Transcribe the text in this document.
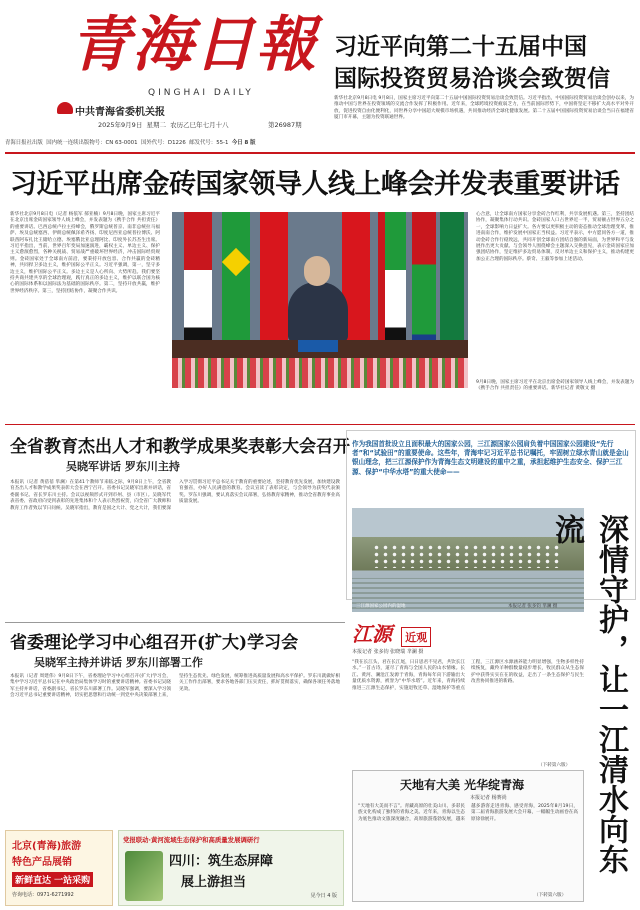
青海日報
QINGHAI DAILY
中共青海省委机关报
2025年9月9日 星期二 农历乙巳年七月十八	第26987期
青海日报社出版 国内统一连续出版物号：CN 63-0001 国外代号：D1226 邮发代号：55-1 今日 8 版
习近平向第二十五届中国
国际投资贸易洽谈会致贺信
新华社北京9月8日电 9月8日，国家主席习近平向第二十五届中国国际投资贸易洽谈会致贺信。习近平指出，中国国际投资贸易洽谈会创办以来，为推动中国与世界在投资领域的交流合作发挥了积极作用。近年来，全球跨境投资疲弱乏力，在当前国际形势下，中国将坚定不移扩大高水平对外开放，促进投资自由化便利化，同世界分享中国超大规模市场机遇，共同推动经济全球化健康发展。第二十五届中国国际投资贸易洽谈会当日在福建省厦门市开幕，主题为投资联通世界。
习近平出席金砖国家领导人线上峰会并发表重要讲话
新华社北京9月8日电（记者 杨依军 郝亚楠）9月8日晚，国家主席习近平在北京出席金砖国家领导人线上峰会，并发表题为《携手合作 共担责任》的重要讲话。巴西总统卢拉主持峰会，俄罗斯总统普京、南非总统拉马福萨、埃及总统塞西、伊朗总统佩泽希齐扬、印度尼西亚总统普拉博沃、阿联酋阿布扎比王储哈立德、埃塞俄比亚总理阿比、印度外长苏杰生出席。习近平指出，当前，世界百年变局加速演进，霸权主义、单边主义、保护主义愈演愈烈，各种关税战、贸易战严重破坏世界经济，冲击国际经贸规则。金砖国家处于全球南方前沿，要秉持开放包容、合作共赢的金砖精神，共同捍卫多边主义，维护国际公平正义。习近平强调，第一，坚守多边主义，维护国际公平正义。多边主义是人心所向、大势所趋。我们要坚持共商共建共享的全球治理观，践行真正的多边主义，维护以联合国为核心的国际体系和以国际法为基础的国际秩序。第二，坚持开放共赢，维护世界经济秩序。第三，坚持团结协作，凝聚合作共识。
9月8日晚，国家主席习近平在北京出席金砖国家领导人线上峰会，并发表题为《携手合作 共担责任》的重要讲话。新华社记者 黄敬文 摄
心合意，让全球南方国家分享金砖合作红利，共享发展机遇。第三，坚持团结协作，凝聚集体行动共识。金砖国家人口占世界近一半，贸易额占世界五分之一，全球影响力日益扩大。各方要以更积极主动的姿态推动全球治理变革，推进南南合作，维护发展中国家正当权益。习近平表示，中方愿同各方一道，推动金砖合作行稳致远，共同开创全球南方团结自强的新局面，为世界和平与发展作出更大贡献。与会领导人围绕峰会主题深入交换意见，表示金砖国家应加强团结协作，坚定维护多边贸易体制，反对单边主义和保护主义，推动构建更加公正合理的国际秩序。蔡奇、王毅等参加上述活动。
全省教育杰出人才和教学成果奖表彰大会召开
吴晓军讲话 罗东川主持
本报讯（记者 黄蓓蓓 芈澜）在第41个教师节来临之际，9月8日上午，全省教育杰出人才和教学成果奖表彰大会在西宁召开。省委书记吴晓军出席并讲话，省委副书记、省长罗东川主持。会议以视频形式开到市州、县（市区）。吴晓军代表省委、省政府向受到表彰的先进集体和个人表示热烈祝贺，向全省广大教师和教育工作者致以节日问候。吴晓军指出，教育是国之大计、党之大计，我们要深入学习贯彻习近平总书记关于教育的重要论述，坚持教育优先发展，加快建设教育强省，办好人民满意的教育。会议宣读了表彰决定，与会领导为获奖代表颁奖。罗东川强调，要认真落实会议部署，弘扬教育家精神，推动全省教育事业高质量发展。
省委理论学习中心组召开(扩大)学习会
吴晓军主持并讲话 罗东川部署工作
本报讯（记者 周建伟）9月8日下午，省委理论学习中心组召开(扩大)学习会，集中学习习近平总书记在中央政治局集体学习时的重要讲话精神。省委书记吴晓军主持并讲话，省委副书记、省长罗东川部署工作。吴晓军强调，要深入学习领会习近平总书记重要讲话精神，切实把思想和行动统一到党中央决策部署上来，坚持生态优先、绿色发展，统筹推进高质量发展和高水平保护。罗东川就做好相关工作作出部署，要求各地各部门压实责任，抓好贯彻落实，确保各项任务落地见效。
作为我国首批设立且面积最大的国家公园，三江源国家公园肩负着中国国家公园建设“先行者”和“试验田”的重要使命。这些年，青海牢记习近平总书记嘱托，牢固树立绿水青山就是金山银山理念，把三江源保护作为青海生态文明建设的重中之重，承担起维护生态安全、保护三江源、保护“中华水塔”的重大使命——
三江源国家公园内的湿地	本报记者 张多钧 芈澜 摄 深情守护，让一江清水向东流
江源 近观
本报记者 张多钧 张晓瑞 芈澜 摄
“我在长江头，君在长江尾，日日思君不见君，共饮长江水。”一首古诗，道尽了青海与全国人民的山水情缘。长江、黄河、澜沧江发源于青海，青海每年向下游输出大量优质水资源，被誉为“中华水塔”。近年来，青海持续推进三江源生态保护，实施退牧还草、湿地保护等重点工程，三江源区水源涵养能力明显增强，生物多样性持续恢复，藏羚羊种群数量稳步增长，牧民群众从生态保护中获得实实在在的收益，走出了一条生态保护与民生改善协同推进的新路。
（下转第六版）
天地有大美 光华绽青海
本报记者 杨赛尚
“天地有大美而不言”。青藏高原的壮美山川、多彩民族文化构成了独特的青海之美。近年来，青海以生态为底色推动文旅深度融合，高原旅游蓬勃发展，越来越多游客走进青海、感受青海，2025年8月19日，第二届青海旅游发展大会开幕，一幅幅生动画卷在高原徐徐展开。
（下转第六版）
北京(青海)旅游
特色产品展销
新鲜直达 一站采购
咨询电话：0971-6271992
党报联动·黄河流域生态保护和高质量发展调研行
四川：筑生态屏障
展上游担当
见今日 4 版
